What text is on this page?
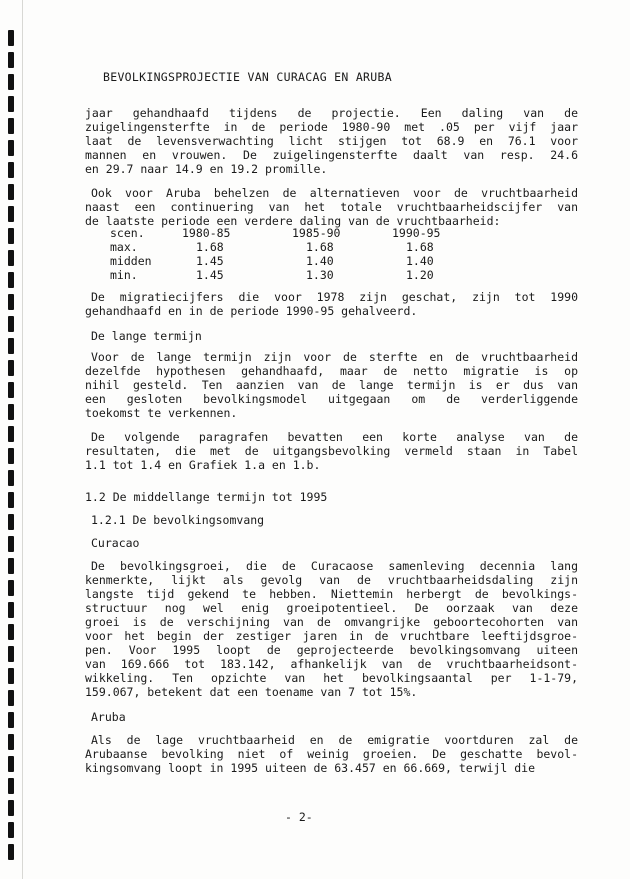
BEVOLKINGSPROJECTIE VAN CURACAG EN ARUBA
jaar gehandhaafd tijdens de projectie. Een daling van de
zuigelingensterfte in de periode 1980-90 met .05 per vijf jaar
laat de levensverwachting licht stijgen tot 68.9 en 76.1 voor
mannen en vrouwen. De zuigelingensterfte daalt van resp. 24.6
en 29.7 naar 14.9 en 19.2 promille.
Ook voor Aruba behelzen de alternatieven voor de vruchtbaarheid
naast een continuering van het totale vruchtbaarheidscijfer van
de laatste periode een verdere daling van de vruchtbaarheid:
De migratiecijfers die voor 1978 zijn geschat, zijn tot 1990
gehandhaafd en in de periode 1990-95 gehalveerd.
De lange termijn
Voor de lange termijn zijn voor de sterfte en de vruchtbaarheid
dezelfde hypothesen gehandhaafd, maar de netto migratie is op
nihil gesteld. Ten aanzien van de lange termijn is er dus van
een gesloten bevolkingsmodel uitgegaan om de verderliggende
toekomst te verkennen.
De volgende paragrafen bevatten een korte analyse van de
resultaten, die met de uitgangsbevolking vermeld staan in Tabel
1.1 tot 1.4 en Grafiek 1.a en 1.b.
1.2 De middellange termijn tot 1995
1.2.1 De bevolkingsomvang
Curacao
De bevolkingsgroei, die de Curacaose samenleving decennia lang
kenmerkte, lijkt als gevolg van de vruchtbaarheidsdaling zijn
langste tijd gekend te hebben. Niettemin herbergt de bevolkings-
structuur nog wel enig groeipotentieel. De oorzaak van deze
groei is de verschijning van de omvangrijke geboortecohorten van
voor het begin der zestiger jaren in de vruchtbare leeftijdsgroe-
pen. Voor 1995 loopt de geprojecteerde bevolkingsomvang uiteen
van 169.666 tot 183.142, afhankelijk van de vruchtbaarheidsont-
wikkeling. Ten opzichte van het bevolkingsaantal per 1-1-79,
159.067, betekent dat een toename van 7 tot 15%.
Aruba
Als de lage vruchtbaarheid en de emigratie voortduren zal de
Arubaanse bevolking niet of weinig groeien. De geschatte bevol-
kingsomvang loopt in 1995 uiteen de 63.457 en 66.669, terwijl die
scen.	1980-85	1985-90	1990-95
max.	1.68	1.68	1.68
midden	1.45	1.40	1.40
min.	1.45	1.30	1.20
- 2-
